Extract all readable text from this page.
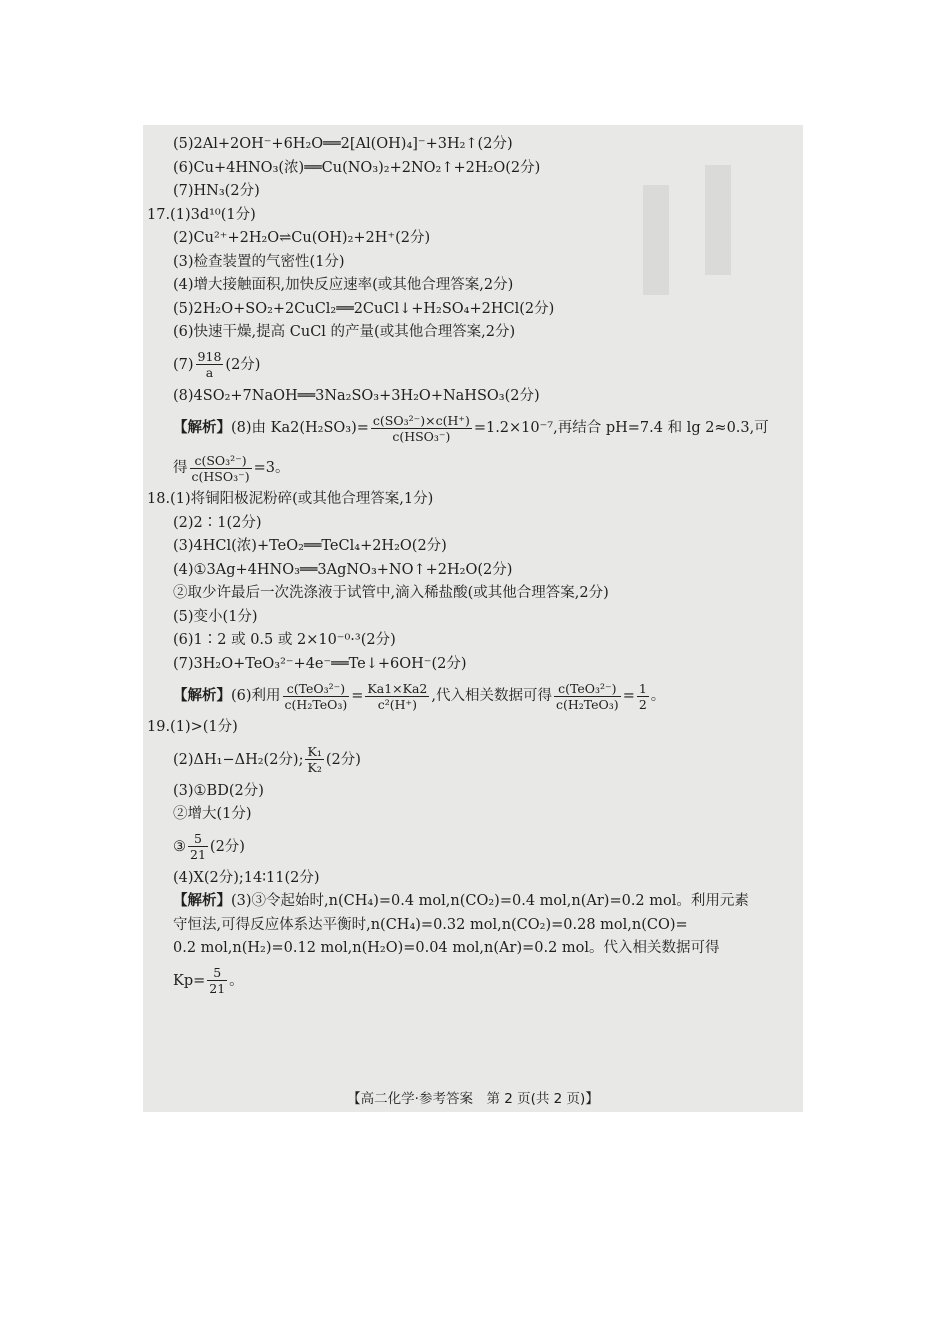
(5)2Al+2OH⁻+6H₂O══2[Al(OH)₄]⁻+3H₂↑(2分)
(6)Cu+4HNO₃(浓)══Cu(NO₃)₂+2NO₂↑+2H₂O(2分)
(7)HN₃(2分)
17.(1)3d¹⁰(1分)
(2)Cu²⁺+2H₂O⇌Cu(OH)₂+2H⁺(2分)
(3)检查装置的气密性(1分)
(4)增大接触面积,加快反应速率(或其他合理答案,2分)
(5)2H₂O+SO₂+2CuCl₂══2CuCl↓+H₂SO₄+2HCl(2分)
(6)快速干燥,提高 CuCl 的产量(或其他合理答案,2分)
$(7) \frac{918}{a} (2$分)
(8)4SO₂+7NaOH══3Na₂SO₃+3H₂O+NaHSO₃(2分)
【解析】(8)由 $Ka2(H_2SO_3)= \frac{\text{c(SO₃²⁻)×c(H⁺)}}{\text{c(HSO₃⁻)}} =1.2\times 10^{-7}$,再结合 pH=7.4 和 lg 2≈0.3,可
得 $\frac{\text{c(SO₃²⁻)}}{\text{c(HSO₃⁻)}} =3$。
18.(1)将铜阳极泥粉碎(或其他合理答案,1分)
(2)2∶1(2分)
(3)4HCl(浓)+TeO₂══TeCl₄+2H₂O(2分)
(4)①3Ag+4HNO₃══3AgNO₃+NO↑+2H₂O(2分)
②取少许最后一次洗涤液于试管中,滴入稀盐酸(或其他合理答案,2分)
(5)变小(1分)
(6)1∶2 或 0.5 或 2×10⁻⁰·³(2分)
(7)3H₂O+TeO₃²⁻+4e⁻══Te↓+6OH⁻(2分)
【解析】(6)利用 $\frac{\text{c(TeO₃²⁻)}}{\text{c(H₂TeO₃)}} = \frac{Ka1\times Ka2}{\text{c²(H⁺)}}$ ,代入相关数据可得 $\frac{\text{c(TeO₃²⁻)}}{\text{c(H₂TeO₃)}} = \frac{1}{2}$ 。
19.(1)>(1分)
(2)ΔH₁−ΔH₂(2分); $\frac{\text{K₁}}{\text{K₂}} (2$分)
(3)①BD(2分)
②增大(1分)
③ $\frac{5}{21} (2$分)
(4)X(2分);14∶11(2分)
【解析】(3)③令起始时,n(CH₄)=0.4 mol,n(CO₂)=0.4 mol,n(Ar)=0.2 mol。利用元素
守恒法,可得反应体系达平衡时,n(CH₄)=0.32 mol,n(CO₂)=0.28 mol,n(CO)=
0.2 mol,n(H₂)=0.12 mol,n(H₂O)=0.04 mol,n(Ar)=0.2 mol。代入相关数据可得
$Kp= \frac{5}{21}$ 。
【高二化学·参考答案　第 2 页(共 2 页)】
